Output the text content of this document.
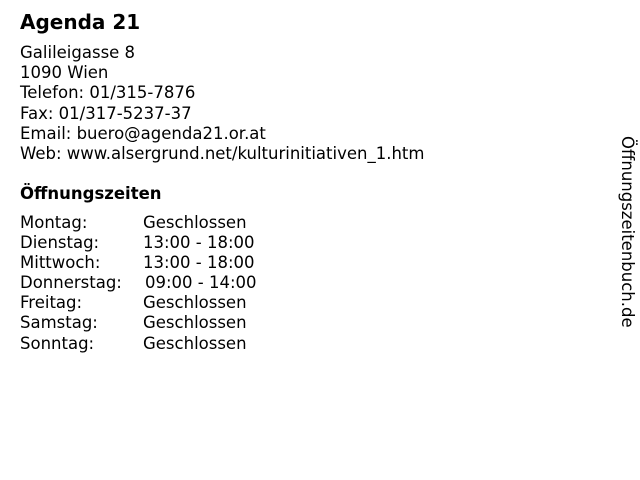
Agenda 21
Galileigasse 8
1090 Wien
Telefon: 01/315-7876
Fax: 01/317-5237-37
Email: buero@agenda21.or.at
Web: www.alsergrund.net/kulturinitiativen_1.htm
Öffnungszeiten
Montag:	Geschlossen
Dienstag:	13:00 - 18:00
Mittwoch:	13:00 - 18:00
Donnerstag: 09:00 - 14:00
Freitag:	Geschlossen
Samstag:	Geschlossen
Sonntag:	Geschlossen
Öffnungszeitenbuch.de
